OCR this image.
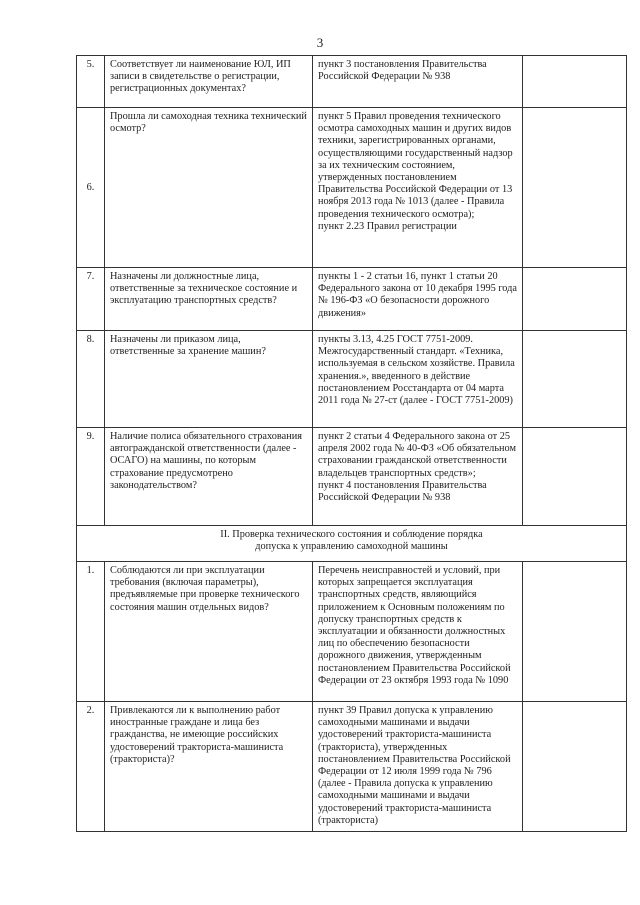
3
5.	Соответствует ли наименование ЮЛ, ИП записи в свидетельстве о регистрации, регистрационных документах?	пункт 3 постановления Правительства Российской Федерации № 938	

6.	Прошла ли самоходная техника технический осмотр?	пункт 5 Правил проведения технического осмотра самоходных машин и других видов техники, зарегистрированных органами, осуществляющими государственный надзор за их техническим состоянием, утвержденных постановлением Правительства Российской Федерации от 13 ноября 2013 года № 1013 (далее - Правила проведения технического осмотра);
пункт 2.23 Правил регистрации	

7.	Назначены ли должностные лица, ответственные за техническое состояние и эксплуатацию транспортных средств?	пункты 1 - 2 статьи 16, пункт 1 статьи 20 Федерального закона от 10 декабря 1995 года № 196-ФЗ «О безопасности дорожного движения»	

8.	Назначены ли приказом лица, ответственные за хранение машин?	пункты 3.13, 4.25 ГОСТ 7751-2009. Межгосударственный стандарт. «Техника, используемая в сельском хозяйстве. Правила хранения.», введенного в действие постановлением Росстандарта от 04 марта 2011 года № 27-ст (далее - ГОСТ 7751-2009)	

9.	Наличие полиса обязательного страхования автогражданской ответственности (далее - ОСАГО) на машины, по которым страхование предусмотрено законодательством?	пункт 2 статьи 4 Федерального закона от 25 апреля 2002 года № 40-ФЗ «Об обязательном страховании гражданской ответственности владельцев транспортных средств»;
пункт 4 постановления Правительства Российской Федерации № 938	

II. Проверка технического состояния и соблюдение порядка
допуска к управлению самоходной машины			

1.	Соблюдаются ли при эксплуатации требования (включая параметры), предъявляемые при проверке технического состояния машин отдельных видов?	Перечень неисправностей и условий, при которых запрещается эксплуатация транспортных средств, являющийся приложением к Основным положениям по допуску транспортных средств к эксплуатации и обязанности должностных лиц по обеспечению безопасности дорожного движения, утвержденным постановлением Правительства Российской Федерации от 23 октября 1993 года № 1090	

2.	Привлекаются ли к выполнению работ иностранные граждане и лица без гражданства, не имеющие российских удостоверений тракториста-машиниста (тракториста)?	пункт 39 Правил допуска к управлению самоходными машинами и выдачи удостоверений тракториста-машиниста (тракториста), утвержденных постановлением Правительства Российской Федерации от 12 июля 1999 года № 796 (далее - Правила допуска к управлению самоходными машинами и выдачи удостоверений тракториста-машиниста (тракториста)	
